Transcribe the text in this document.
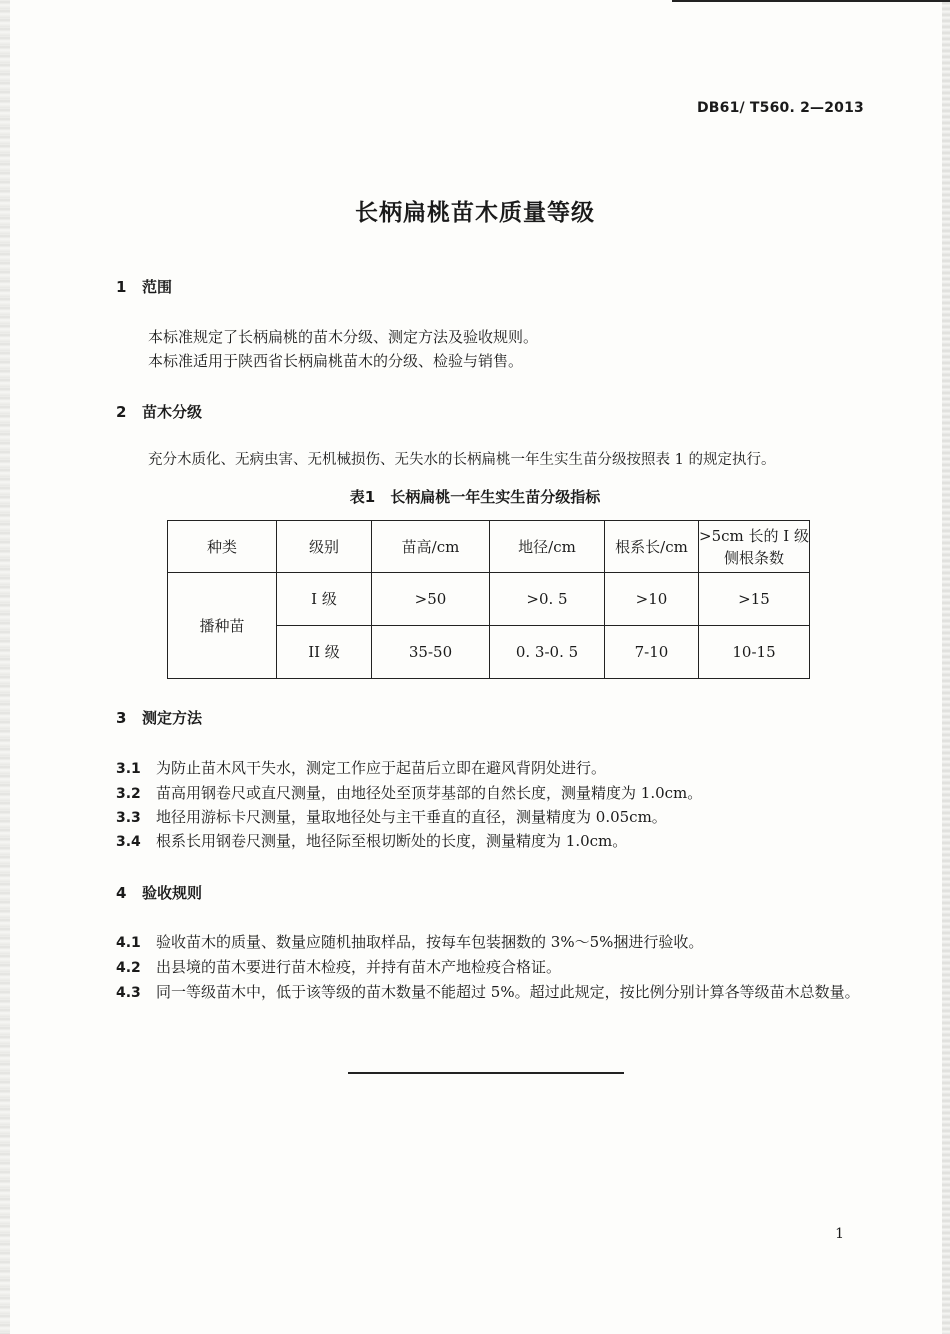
DB61/ T560. 2—2013
长柄扁桃苗木质量等级
1 范围
本标准规定了长柄扁桃的苗木分级、测定方法及验收规则。
本标准适用于陕西省长柄扁桃苗木的分级、检验与销售。
2 苗木分级
充分木质化、无病虫害、无机械损伤、无失水的长柄扁桃一年生实生苗分级按照表 1 的规定执行。
表1　长柄扁桃一年生实生苗分级指标
种类	级别	苗高/cm	地径/cm	根系长/cm	>5cm 长的 I 级侧根条数
播种苗	I 级	>50	>0. 5	>10	>15
	II 级	35-50	0. 3-0. 5	7-10	10-15
3 测定方法
3.1 为防止苗木风干失水，测定工作应于起苗后立即在避风背阴处进行。
3.2 苗高用钢卷尺或直尺测量，由地径处至顶芽基部的自然长度，测量精度为 1.0cm。
3.3 地径用游标卡尺测量，量取地径处与主干垂直的直径，测量精度为 0.05cm。
3.4 根系长用钢卷尺测量，地径际至根切断处的长度，测量精度为 1.0cm。
4 验收规则
4.1 验收苗木的质量、数量应随机抽取样品，按每车包装捆数的 3%～5%捆进行验收。
4.2 出县境的苗木要进行苗木检疫，并持有苗木产地检疫合格证。
4.3 同一等级苗木中，低于该等级的苗木数量不能超过 5%。超过此规定，按比例分别计算各等级苗木总数量。
1
